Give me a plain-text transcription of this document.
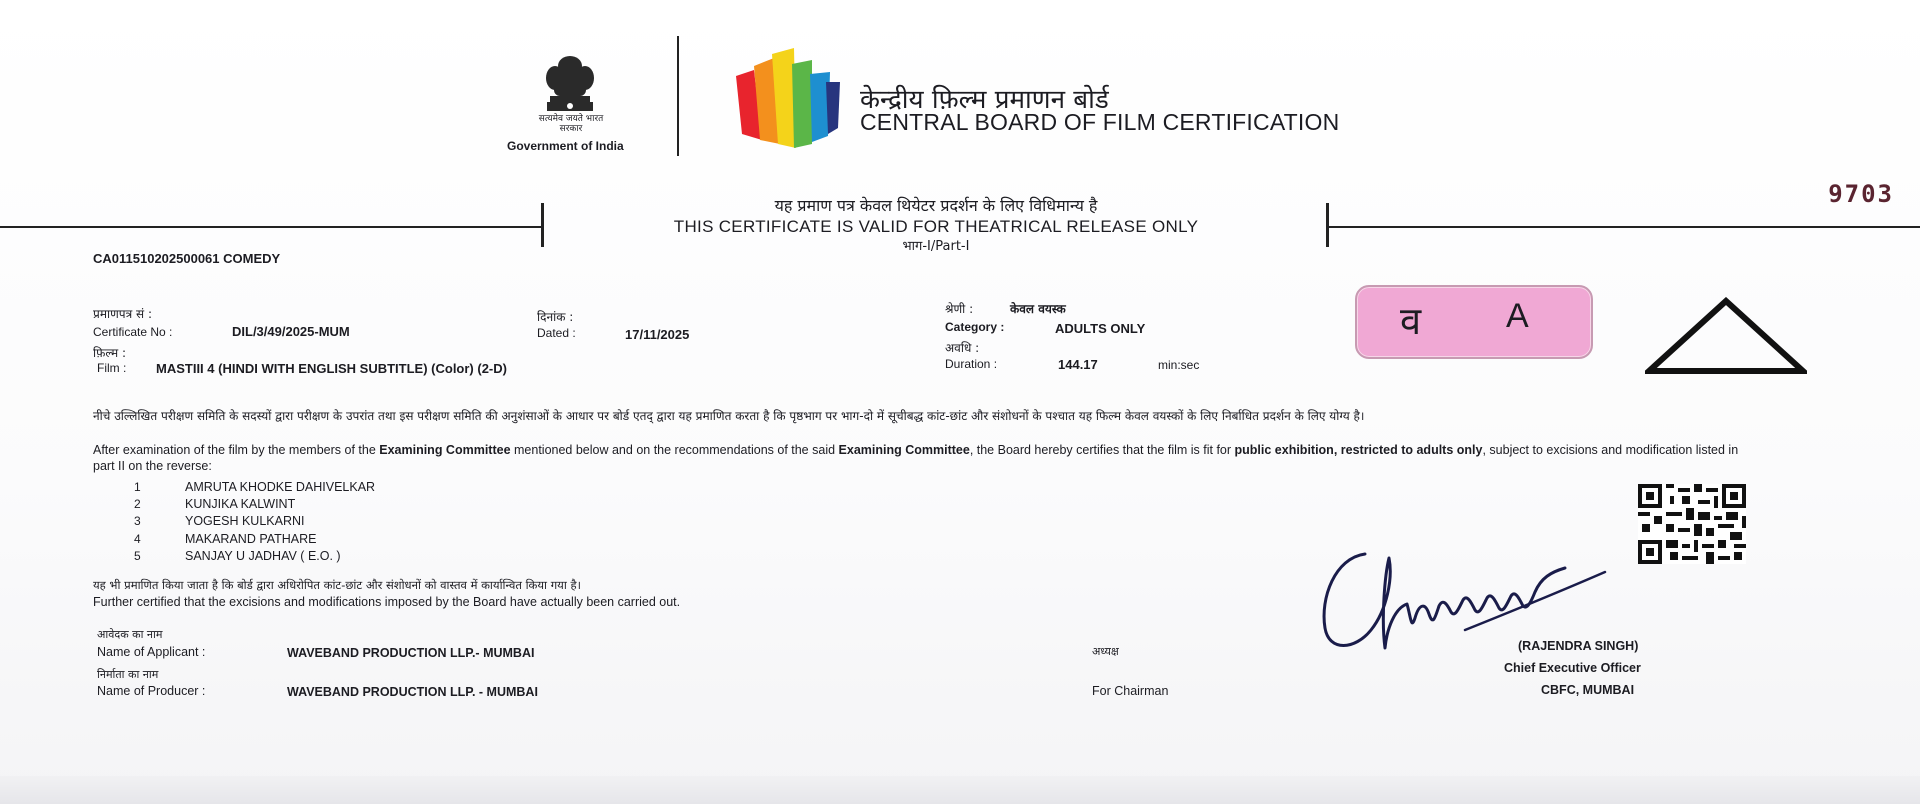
सत्यमेव जयते भारत सरकार
Government of India
केन्द्रीय फ़िल्म प्रमाणन बोर्ड
CENTRAL BOARD OF FILM CERTIFICATION
9703
यह प्रमाण पत्र केवल थियेटर प्रदर्शन के लिए विधिमान्य है
THIS CERTIFICATE IS VALID FOR THEATRICAL RELEASE ONLY
भाग-I/Part-I
CA011510202500061 COMEDY
प्रमाणपत्र सं :
Certificate No :	DIL/3/49/2025-MUM
दिनांक :
Dated :	17/11/2025
फ़िल्म :
Film : MASTIII 4 (HINDI WITH ENGLISH SUBTITLE) (Color) (2-D)
श्रेणी :	केवल वयस्क
Category :	ADULTS ONLY
अवधि :
Duration :	144.17	min:sec
व A
नीचे उल्लिखित परीक्षण समिति के सदस्यों द्वारा परीक्षण के उपरांत तथा इस परीक्षण समिति की अनुशंसाओं के आधार पर बोर्ड एतद् द्वारा यह प्रमाणित करता है कि पृष्ठभाग पर भाग-दो में सूचीबद्ध कांट-छांट और संशोधनों के पश्चात यह फिल्म केवल वयस्कों के लिए निर्बाधित प्रदर्शन के लिए योग्य है।
After examination of the film by the members of the Examining Committee mentioned below and on the recommendations of the said Examining Committee, the Board hereby certifies that the film is fit for public exhibition, restricted to adults only, subject to excisions and modification listed in part II on the reverse:
1	AMRUTA KHODKE DAHIVELKAR
2	KUNJIKA KALWINT
3	YOGESH KULKARNI
4	MAKARAND PATHARE
5	SANJAY U JADHAV ( E.O. )
यह भी प्रमाणित किया जाता है कि बोर्ड द्वारा अधिरोपित कांट-छांट और संशोधनों को वास्तव में कार्यान्वित किया गया है।
Further certified that the excisions and modifications imposed by the Board have actually been carried out.
आवेदक का नाम
Name of Applicant :	WAVEBAND PRODUCTION LLP.- MUMBAI
निर्माता का नाम
Name of Producer :	WAVEBAND PRODUCTION LLP. - MUMBAI
अध्यक्ष
For Chairman
(RAJENDRA SINGH)
Chief Executive Officer
CBFC, MUMBAI
